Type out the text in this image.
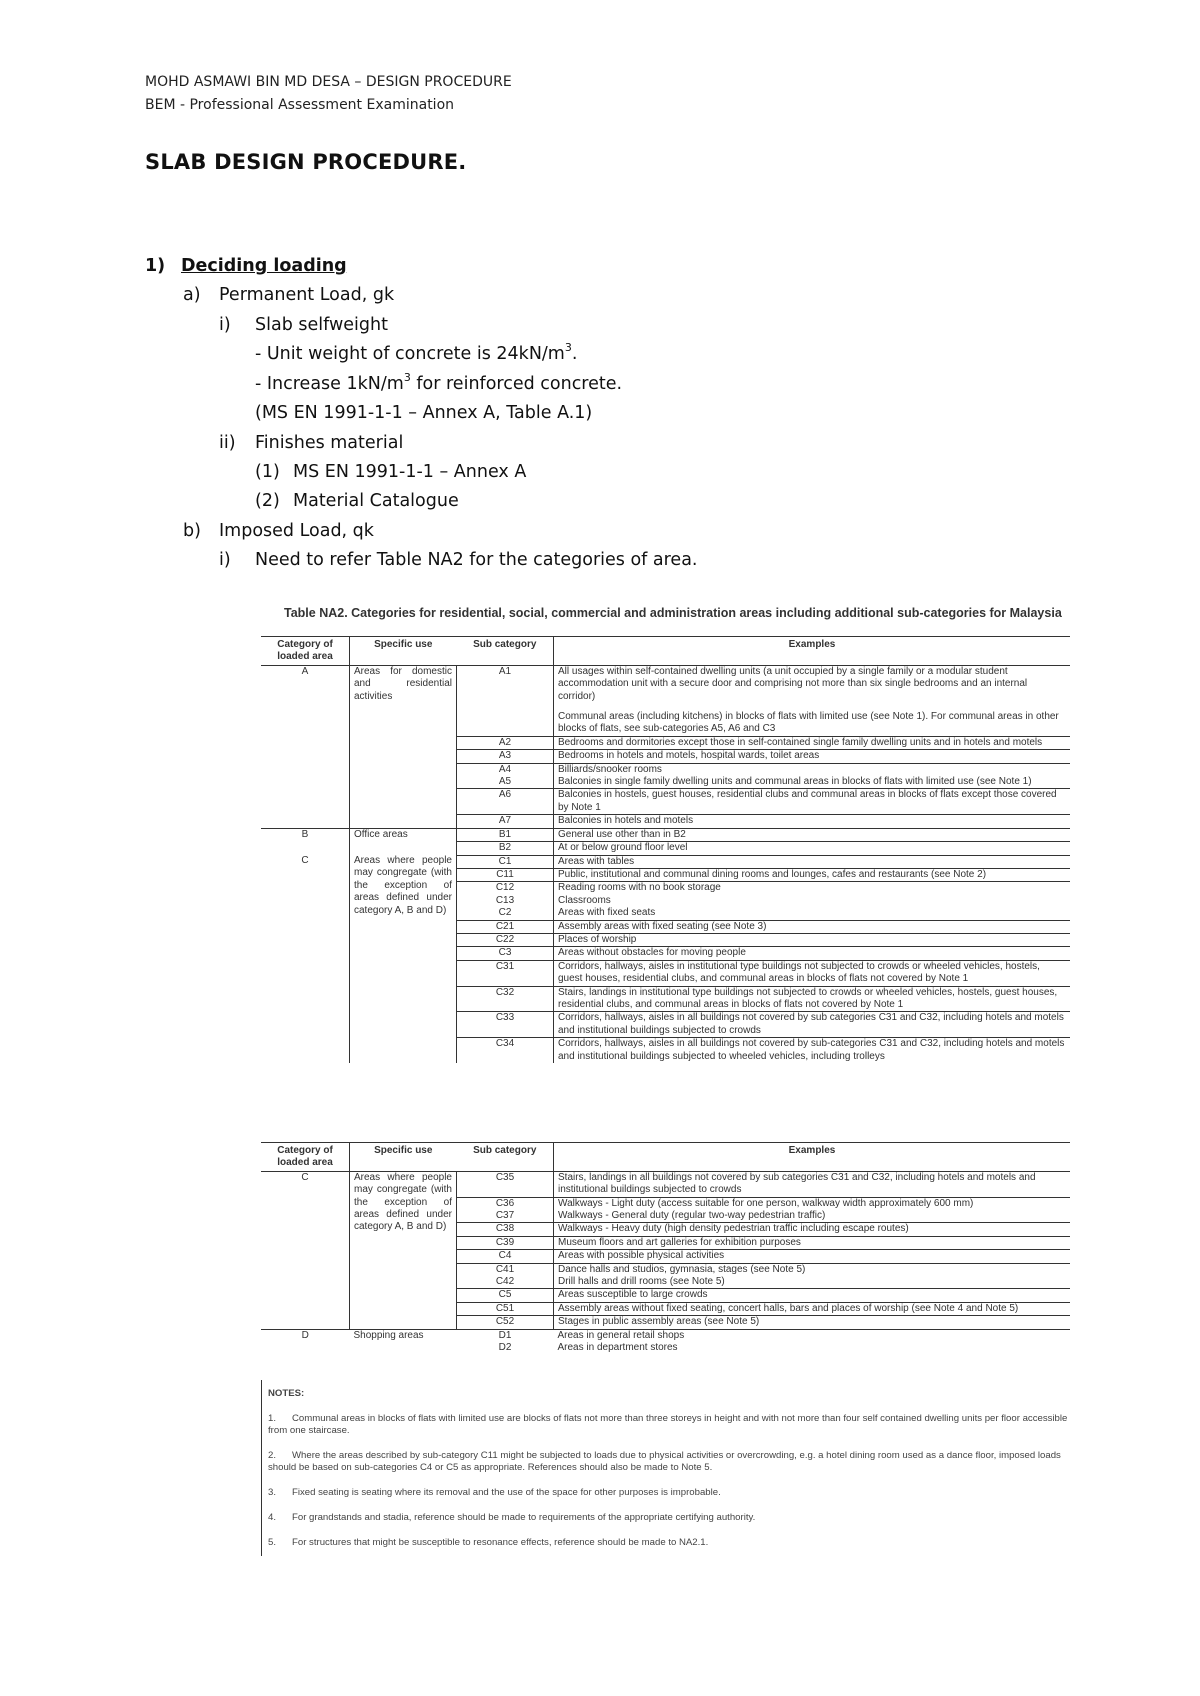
MOHD ASMAWI BIN MD DESA – DESIGN PROCEDURE
BEM - Professional Assessment Examination
SLAB DESIGN PROCEDURE.
1) Deciding loading
a) Permanent Load, gk
i) Slab selfweight
- Unit weight of concrete is $24kN/m^3$.
- Increase $1kN/m^3$ for reinforced concrete.
(MS EN 1991-1-1 – Annex A, Table A.1)
ii) Finishes material
(1) MS EN 1991-1-1 – Annex A
(2) Material Catalogue
b) Imposed Load, qk
i) Need to refer Table NA2 for the categories of area.
Table NA2. Categories for residential, social, commercial and administration areas including additional sub-categories for Malaysia
Category of loaded area	Specific use	Sub category	Examples
A	Areas for domestic and residential activities	A1	All usages within self-contained dwelling units (a unit occupied by a single family or a modular student accommodation unit with a secure door and comprising not more than six single bedrooms and an internal corridor)
Communal areas (including kitchens) in blocks of flats with limited use (see Note 1). For communal areas in other blocks of flats, see sub-categories A5, A6 and C3

		A2	Bedrooms and dormitories except those in self-contained single family dwelling units and in hotels and motels
		A3	Bedrooms in hotels and motels, hospital wards, toilet areas
		A4	Billiards/snooker rooms
		A5	Balconies in single family dwelling units and communal areas in blocks of flats with limited use (see Note 1)
		A6	Balconies in hostels, guest houses, residential clubs and communal areas in blocks of flats except those covered by Note 1
		A7	Balconies in hotels and motels
B	Office areas	B1	General use other than in B2
		B2	At or below ground floor level
C	Areas where people may congregate (with the exception of areas defined under category A, B and D)	C1	Areas with tables
		C11	Public, institutional and communal dining rooms and lounges, cafes and restaurants (see Note 2)
		C12	Reading rooms with no book storage
		C13	Classrooms
		C2	Areas with fixed seats
		C21	Assembly areas with fixed seating (see Note 3)
		C22	Places of worship
		C3	Areas without obstacles for moving people
		C31	Corridors, hallways, aisles in institutional type buildings not subjected to crowds or wheeled vehicles, hostels, guest houses, residential clubs, and communal areas in blocks of flats not covered by Note 1
		C32	Stairs, landings in institutional type buildings not subjected to crowds or wheeled vehicles, hostels, guest houses, residential clubs, and communal areas in blocks of flats not covered by Note 1
		C33	Corridors, hallways, aisles in all buildings not covered by sub categories C31 and C32, including hotels and motels and institutional buildings subjected to crowds
		C34	Corridors, hallways, aisles in all buildings not covered by sub-categories C31 and C32, including hotels and motels and institutional buildings subjected to wheeled vehicles, including trolleys
Category of loaded area	Specific use	Sub category	Examples
C	Areas where people may congregate (with the exception of areas defined under category A, B and D)	C35	Stairs, landings in all buildings not covered by sub categories C31 and C32, including hotels and motels and institutional buildings subjected to crowds
		C36	Walkways - Light duty (access suitable for one person, walkway width approximately 600 mm)
		C37	Walkways - General duty (regular two-way pedestrian traffic)
		C38	Walkways - Heavy duty (high density pedestrian traffic including escape routes)
		C39	Museum floors and art galleries for exhibition purposes
		C4	Areas with possible physical activities
		C41	Dance halls and studios, gymnasia, stages (see Note 5)
		C42	Drill halls and drill rooms (see Note 5)
		C5	Areas susceptible to large crowds
		C51	Assembly areas without fixed seating, concert halls, bars and places of worship (see Note 4 and Note 5)
		C52	Stages in public assembly areas (see Note 5)
D	Shopping areas	D1	Areas in general retail shops
		D2	Areas in department stores
NOTES:
1. Communal areas in blocks of flats with limited use are blocks of flats not more than three storeys in height and with not more than four self contained dwelling units per floor accessible from one staircase.
2. Where the areas described by sub-category C11 might be subjected to loads due to physical activities or overcrowding, e.g. a hotel dining room used as a dance floor, imposed loads should be based on sub-categories C4 or C5 as appropriate. References should also be made to Note 5.
3. Fixed seating is seating where its removal and the use of the space for other purposes is improbable.
4. For grandstands and stadia, reference should be made to requirements of the appropriate certifying authority.
5. For structures that might be susceptible to resonance effects, reference should be made to NA2.1.
